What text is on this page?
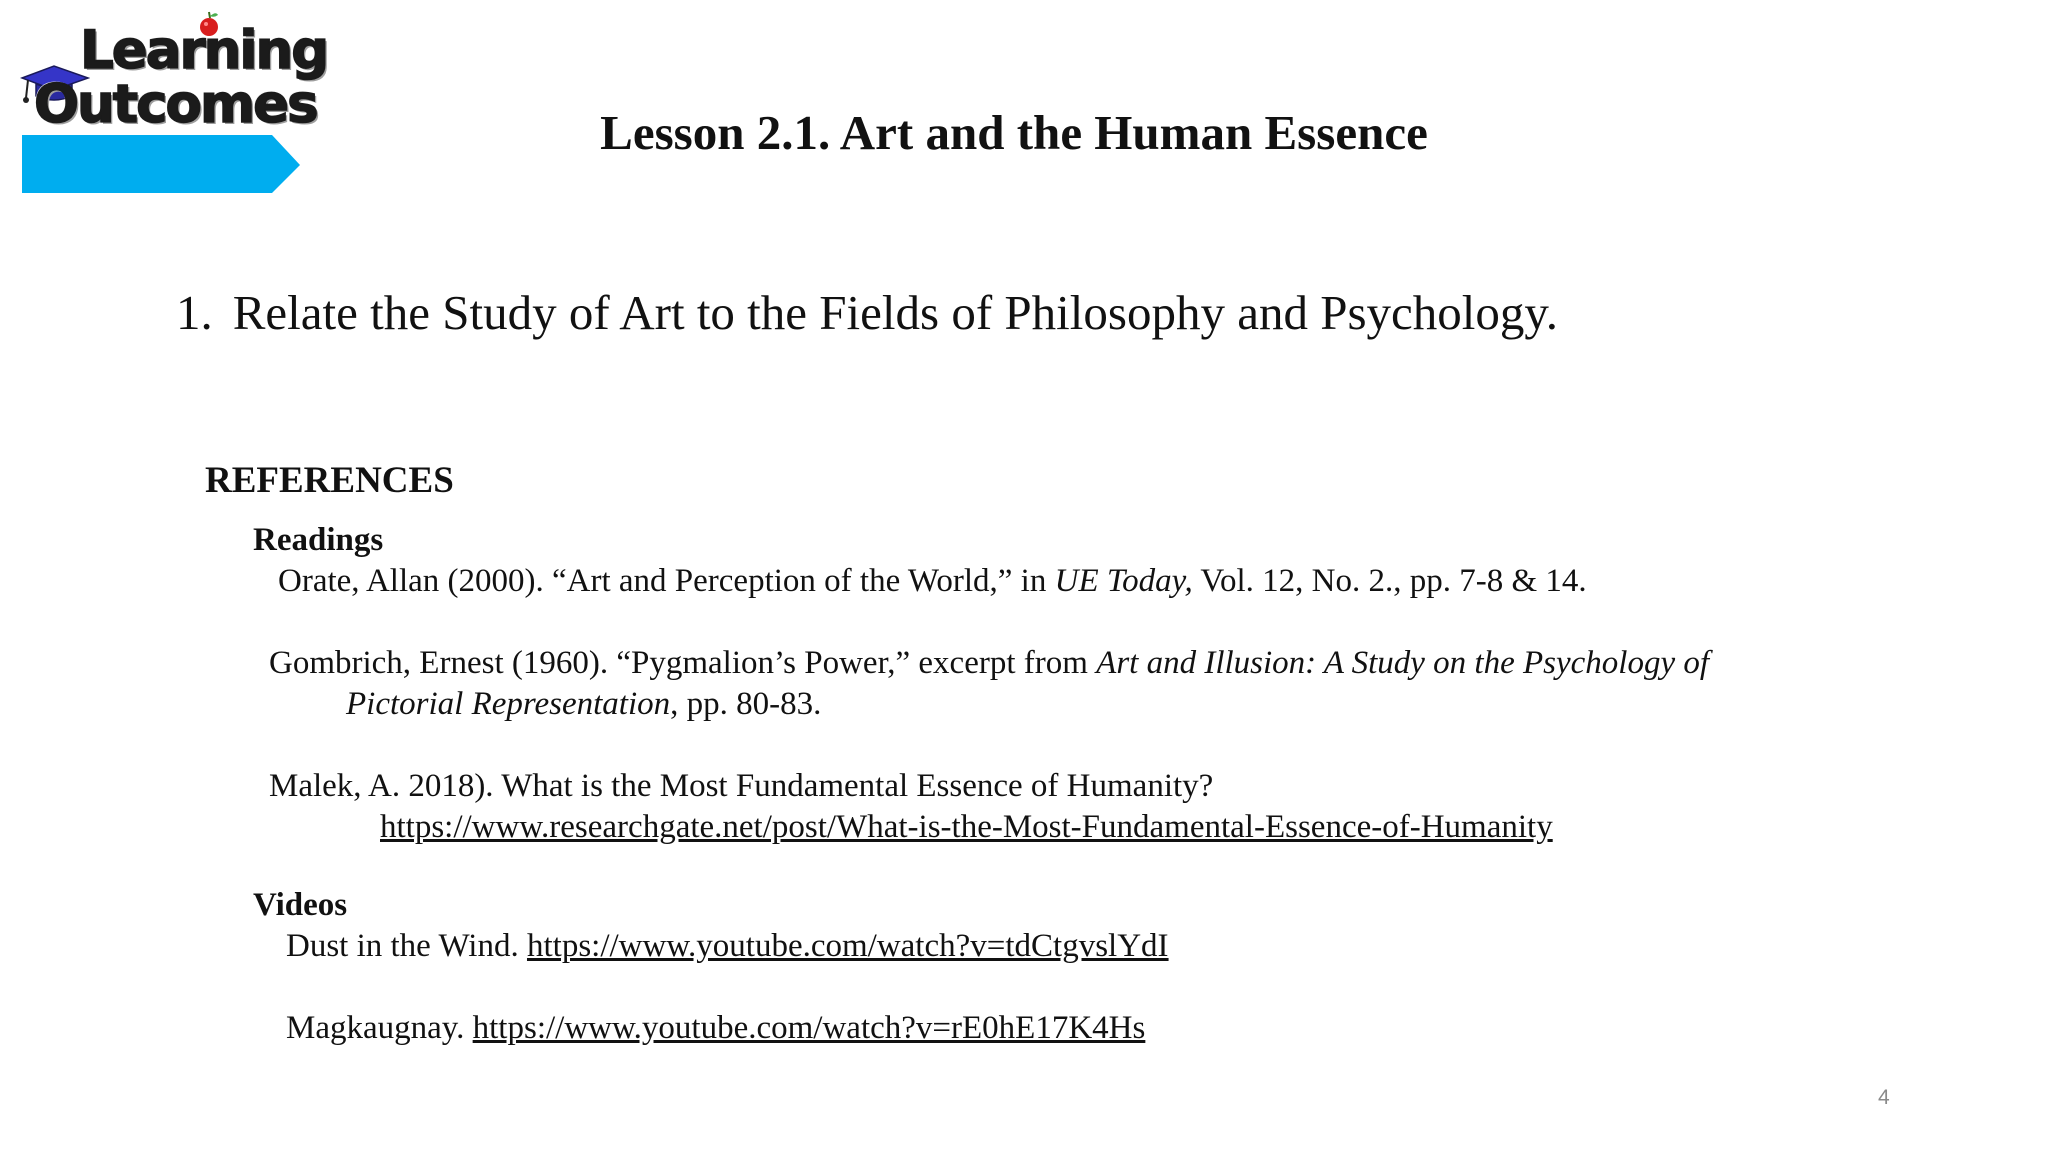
Learning
Outcomes	Lesson 2.1. Art and the Human Essence
1. Relate the Study of Art to the Fields of Philosophy and Psychology.
REFERENCES
Readings
Orate, Allan (2000). “Art and Perception of the World,” in UE Today, Vol. 12, No. 2., pp. 7-8 & 14.
Gombrich, Ernest (1960). “Pygmalion’s Power,” excerpt from Art and Illusion: A Study on the Psychology of
Pictorial Representation, pp. 80-83.
Malek, A. 2018). What is the Most Fundamental Essence of Humanity?
https://www.researchgate.net/post/What-is-the-Most-Fundamental-Essence-of-Humanity
Videos
Dust in the Wind. https://www.youtube.com/watch?v=tdCtgvslYdI
Magkaugnay. https://www.youtube.com/watch?v=rE0hE17K4Hs
4
